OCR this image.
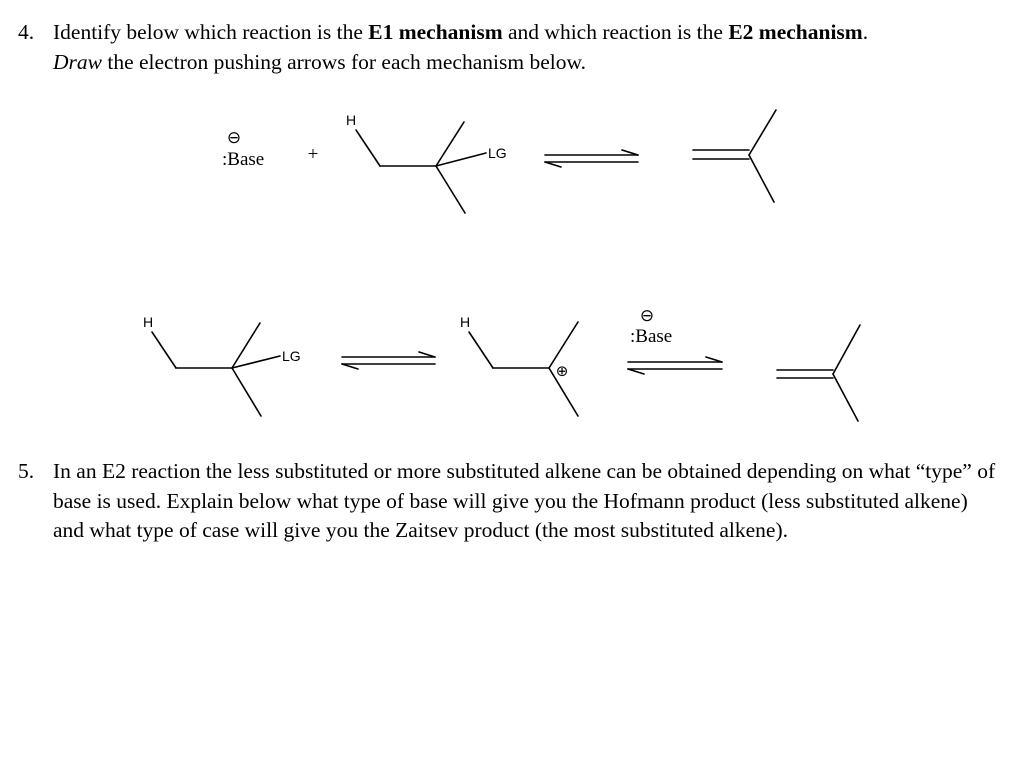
4. Identify below which reaction is the E1 mechanism and which reaction is the E2 mechanism.
Draw the electron pushing arrows for each mechanism below.
⊖
:Base +
H
LG
H
LG
H
⊕
⊖
:Base
5. In an E2 reaction the less substituted or more substituted alkene can be obtained depending on what “type” of base is used. Explain below what type of base will give you the Hofmann product (less substituted alkene) and what type of case will give you the Zaitsev product (the most substituted alkene).
